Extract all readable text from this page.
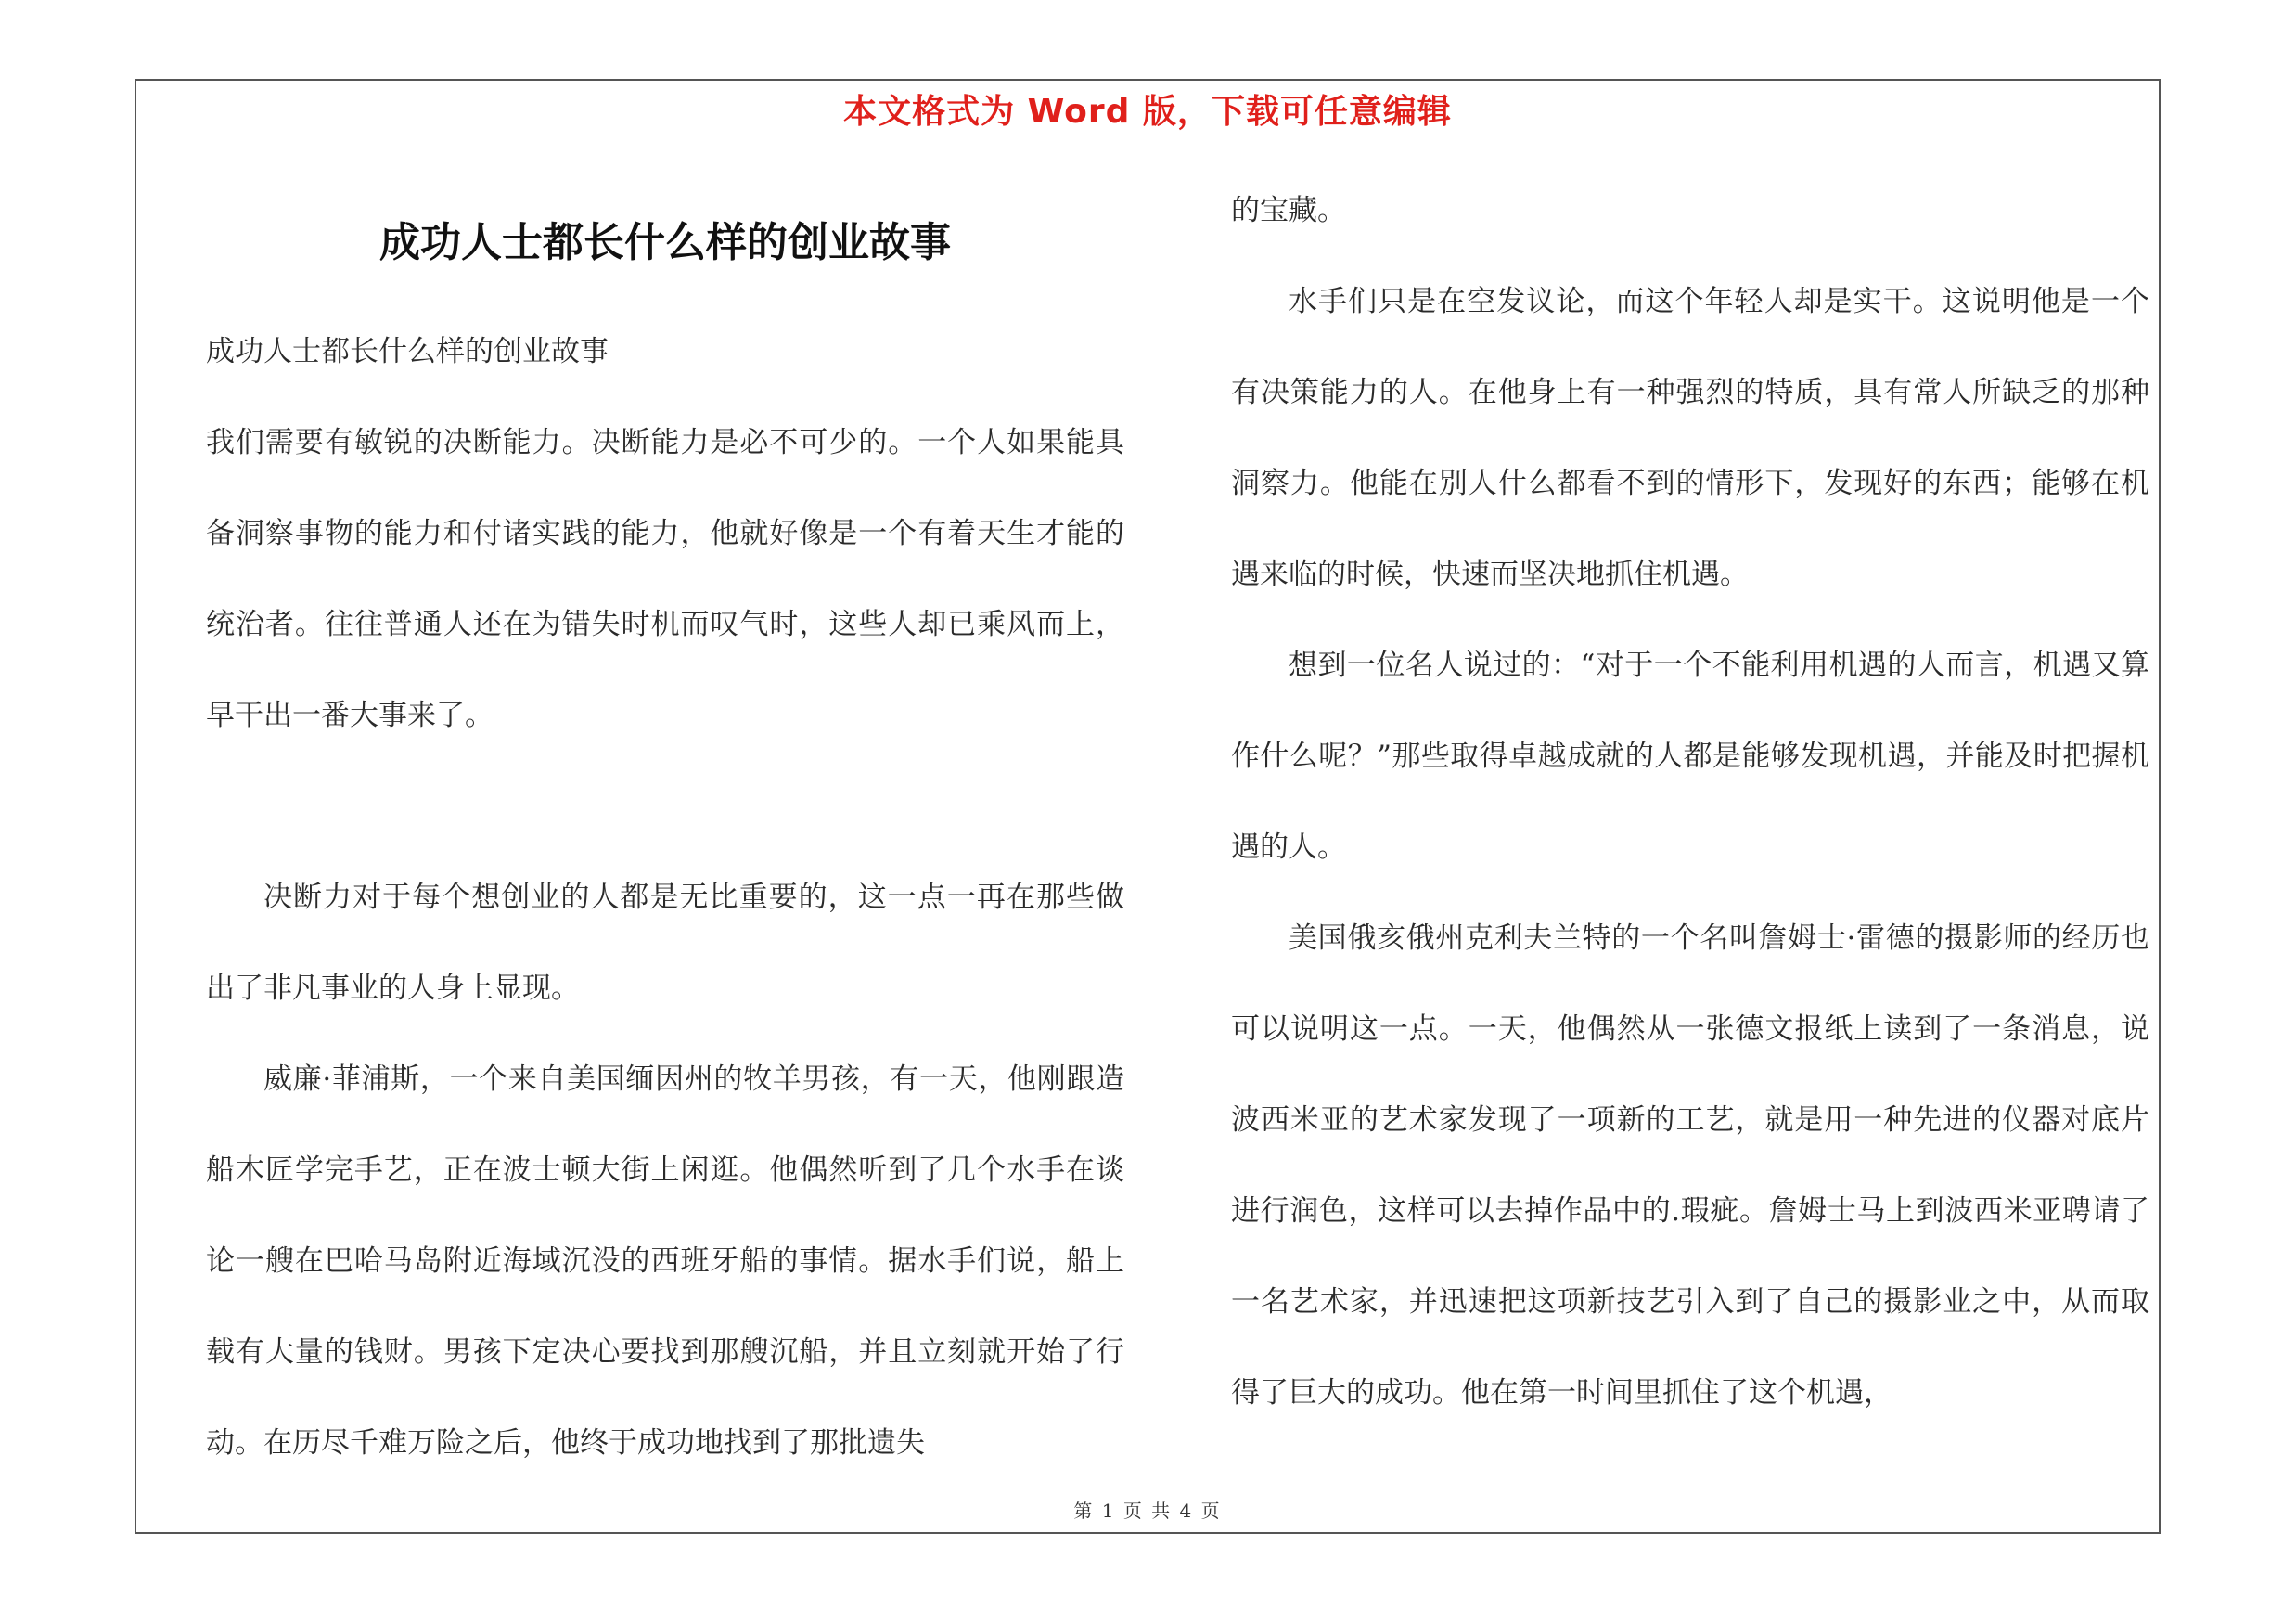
本文格式为 Word 版，下载可任意编辑
成功人士都长什么样的创业故事

成功人士都长什么样的创业故事

我们需要有敏锐的决断能力。决断能力是必不可少的。一个人如果能具备洞察事物的能力和付诸实践的能力，他就好像是一个有着天生才能的统治者。往往普通人还在为错失时机而叹气时，这些人却已乘风而上，早干出一番大事来了。

决断力对于每个想创业的人都是无比重要的，这一点一再在那些做出了非凡事业的人身上显现。

威廉·菲浦斯，一个来自美国缅因州的牧羊男孩，有一天，他刚跟造船木匠学完手艺，正在波士顿大街上闲逛。他偶然听到了几个水手在谈论一艘在巴哈马岛附近海域沉没的西班牙船的事情。据水手们说，船上载有大量的钱财。男孩下定决心要找到那艘沉船，并且立刻就开始了行动。在历尽千难万险之后，他终于成功地找到了那批遗失

的宝藏。

水手们只是在空发议论，而这个年轻人却是实干。这说明他是一个有决策能力的人。在他身上有一种强烈的特质，具有常人所缺乏的那种洞察力。他能在别人什么都看不到的情形下，发现好的东西；能够在机遇来临的时候，快速而坚决地抓住机遇。

想到一位名人说过的：“对于一个不能利用机遇的人而言，机遇又算作什么呢？”那些取得卓越成就的人都是能够发现机遇，并能及时把握机遇的人。

美国俄亥俄州克利夫兰特的一个名叫詹姆士·雷德的摄影师的经历也可以说明这一点。一天，他偶然从一张德文报纸上读到了一条消息，说波西米亚的艺术家发现了一项新的工艺，就是用一种先进的仪器对底片进行润色，这样可以去掉作品中的.瑕疵。詹姆士马上到波西米亚聘请了一名艺术家，并迅速把这项新技艺引入到了自己的摄影业之中，从而取得了巨大的成功。他在第一时间里抓住了这个机遇，

第 1 页 共 4 页
